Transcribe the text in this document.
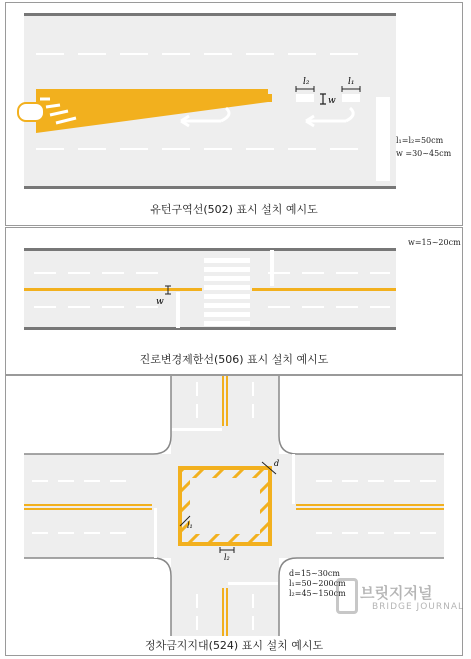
l₂	l₁
w
l₁=l₂=50cm
w =30~45cm
유턴구역선(502) 표시 설치 예시도
w
w=15~20cm
진로변경제한선(506) 표시 설치 예시도
d
l₁
l₂
d=15~30cm
l₁=50~200cm
l₂=45~150cm
정차금지지대(524) 표시 설치 예시도
브릿지저널
BRIDGE JOURNAL
